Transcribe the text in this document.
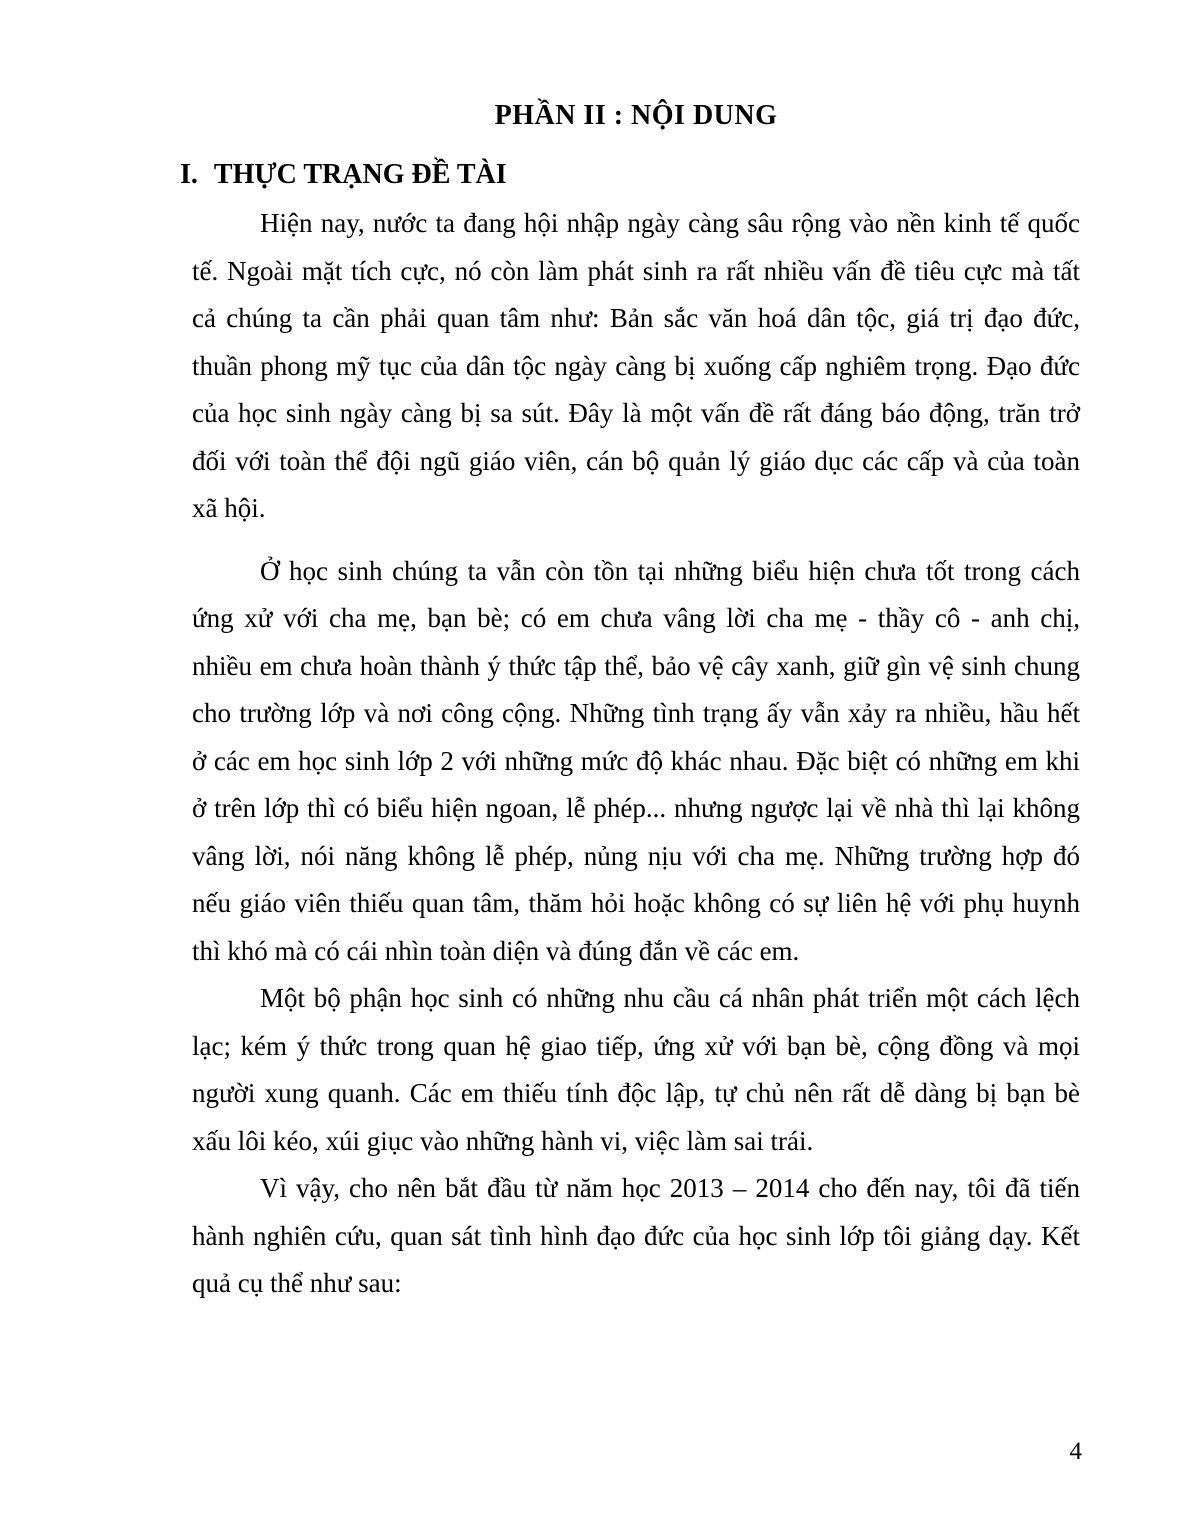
PHẦN II : NỘI DUNG
I. THỰC TRẠNG ĐỀ TÀI
Hiện nay, nước ta đang hội nhập ngày càng sâu rộng vào nền kinh tế quốc
tế. Ngoài mặt tích cực, nó còn làm phát sinh ra rất nhiều vấn đề tiêu cực mà tất
cả chúng ta cần phải quan tâm như: Bản sắc văn hoá dân tộc, giá trị đạo đức,
thuần phong mỹ tục của dân tộc ngày càng bị xuống cấp nghiêm trọng. Đạo đức
của học sinh ngày càng bị sa sút. Đây là một vấn đề rất đáng báo động, trăn trở
đối với toàn thể đội ngũ giáo viên, cán bộ quản lý giáo dục các cấp và của toàn
xã hội.
Ở học sinh chúng ta vẫn còn tồn tại những biểu hiện chưa tốt trong cách
ứng xử với cha mẹ, bạn bè; có em chưa vâng lời cha mẹ - thầy cô - anh chị,
nhiều em chưa hoàn thành ý thức tập thể, bảo vệ cây xanh, giữ gìn vệ sinh chung
cho trường lớp và nơi công cộng. Những tình trạng ấy vẫn xảy ra nhiều, hầu hết
ở các em học sinh lớp 2 với những mức độ khác nhau. Đặc biệt có những em khi
ở trên lớp thì có biểu hiện ngoan, lễ phép... nhưng ngược lại về nhà thì lại không
vâng lời, nói năng không lễ phép, nủng nịu với cha mẹ. Những trường hợp đó
nếu giáo viên thiếu quan tâm, thăm hỏi hoặc không có sự liên hệ với phụ huynh
thì khó mà có cái nhìn toàn diện và đúng đắn về các em.
Một bộ phận học sinh có những nhu cầu cá nhân phát triển một cách lệch
lạc; kém ý thức trong quan hệ giao tiếp, ứng xử với bạn bè, cộng đồng và mọi
người xung quanh. Các em thiếu tính độc lập, tự chủ nên rất dễ dàng bị bạn bè
xấu lôi kéo, xúi giục vào những hành vi, việc làm sai trái.
Vì vậy, cho nên bắt đầu từ năm học 2013 – 2014 cho đến nay, tôi đã tiến
hành nghiên cứu, quan sát tình hình đạo đức của học sinh lớp tôi giảng dạy. Kết
quả cụ thể như sau:
4
